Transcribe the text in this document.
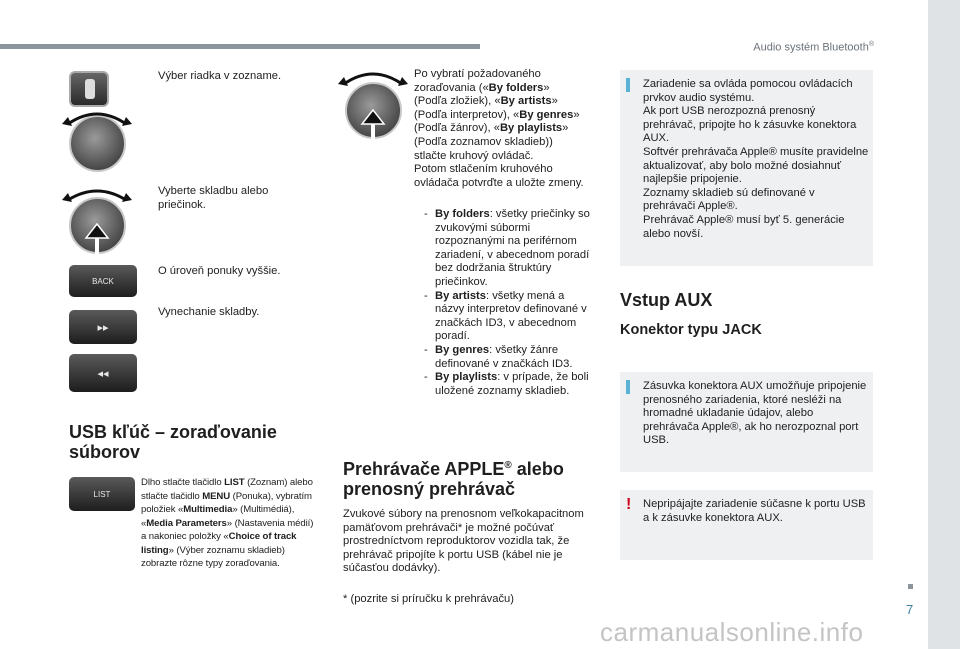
Audio systém Bluetooth®
7
Výber riadka v zozname.
Vyberte skladbu alebo priečinok.
BACK
O úroveň ponuky vyššie.
▸▸
◂◂
Vynechanie skladby.
USB kľúč – zoraďovanie súborov
LIST
Dlho stlačte tlačidlo LIST (Zoznam) alebo stlačte tlačidlo MENU (Ponuka), vybratím položiek «Multimedia» (Multimédiá), «Media Parameters» (Nastavenia médií) a nakoniec položky «Choice of track listing» (Výber zoznamu skladieb) zobrazte rôzne typy zoraďovania.
Po vybratí požadovaného zoraďovania («By folders» (Podľa zložiek), «By artists» (Podľa interpretov), «By genres» (Podľa žánrov), «By playlists» (Podľa zoznamov skladieb)) stlačte kruhový ovládač.
Potom stlačením kruhového ovládača potvrďte a uložte zmeny.
- By folders: všetky priečinky so zvukovými súbormi rozpoznanými na periférnom zariadení, v abecednom poradí bez dodržania štruktúry priečinkov.
- By artists: všetky mená a názvy interpretov definované v značkách ID3, v abecednom poradí.
- By genres: všetky žánre definované v značkách ID3.
- By playlists: v prípade, že boli uložené zoznamy skladieb.
Prehrávače APPLE® alebo prenosný prehrávač
Zvukové súbory na prenosnom veľkokapacitnom pamäťovom prehrávači* je možné počúvať prostredníctvom reproduktorov vozidla tak, že prehrávač pripojíte k portu USB (kábel nie je súčasťou dodávky).
* (pozrite si príručku k prehrávaču)
Zariadenie sa ovláda pomocou ovládacích prvkov audio systému.
Ak port USB nerozpozná prenosný prehrávač, pripojte ho k zásuvke konektora AUX.
Softvér prehrávača Apple® musíte pravidelne aktualizovať, aby bolo možné dosiahnuť najlepšie pripojenie.
Zoznamy skladieb sú definované v prehrávači Apple®.
Prehrávač Apple® musí byť 5. generácie alebo novší.
Vstup AUX
Konektor typu JACK
Zásuvka konektora AUX umožňuje pripojenie prenosného zariadenia, ktoré nesléži na hromadné ukladanie údajov, alebo prehrávača Apple®, ak ho nerozpoznal port USB.
! Nepripájajte zariadenie súčasne k portu USB a k zásuvke konektora AUX.
carmanualsonline.info
